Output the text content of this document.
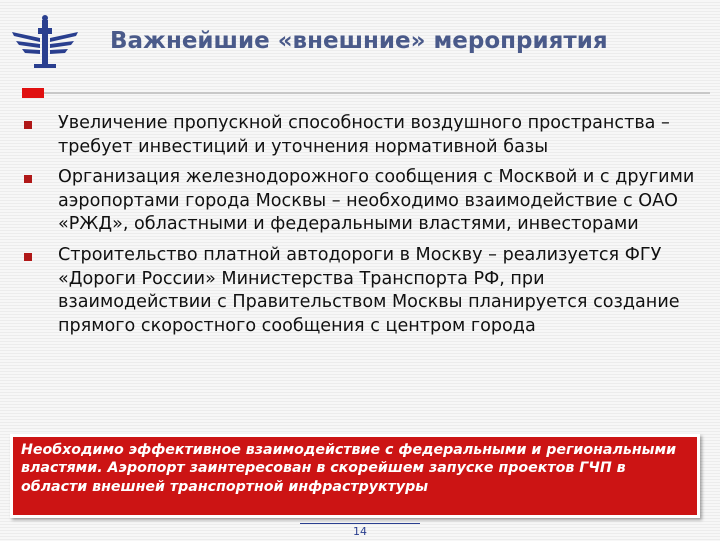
Важнейшие «внешние» мероприятия
Увеличение пропускной способности воздушного пространства – требует инвестиций и уточнения нормативной базы
Организация железнодорожного сообщения с Москвой и с другими аэропортами города Москвы – необходимо взаимодействие с ОАО «РЖД», областными и федеральными властями, инвесторами
Строительство платной автодороги в Москву – реализуется ФГУ «Дороги России» Министерства Транспорта РФ, при взаимодействии с Правительством Москвы планируется создание прямого скоростного сообщения с центром города
Необходимо эффективное взаимодействие с федеральными и региональными властями. Аэропорт заинтересован в скорейшем запуске проектов ГЧП в области внешней транспортной инфраструктуры
14
